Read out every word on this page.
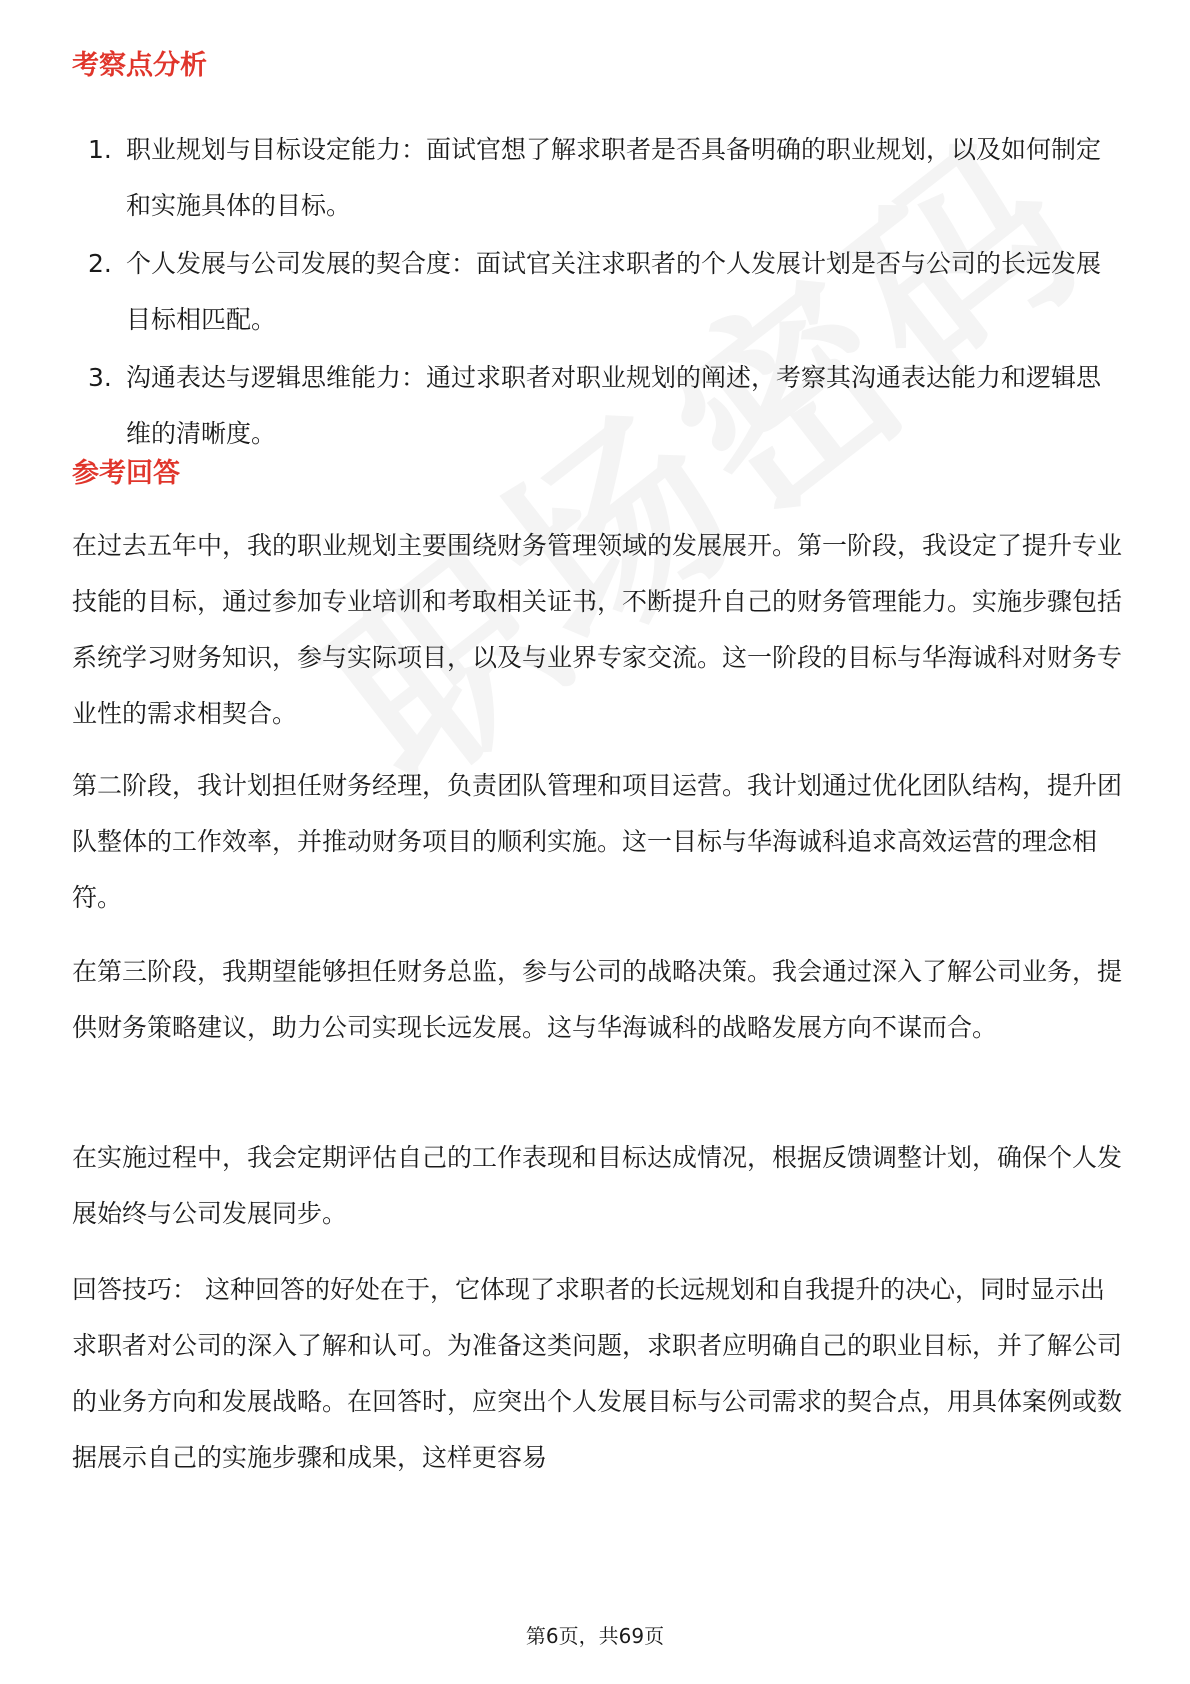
考察点分析
1. 职业规划与目标设定能力：面试官想了解求职者是否具备明确的职业规划，以及如何制定和实施具体的目标。
2. 个人发展与公司发展的契合度：面试官关注求职者的个人发展计划是否与公司的长远发展目标相匹配。
3. 沟通表达与逻辑思维能力：通过求职者对职业规划的阐述，考察其沟通表达能力和逻辑思维的清晰度。
参考回答

在过去五年中，我的职业规划主要围绕财务管理领域的发展展开。第一阶段，我设定了提升专业技能的目标，通过参加专业培训和考取相关证书，不断提升自己的财务管理能力。实施步骤包括系统学习财务知识，参与实际项目，以及与业界专家交流。这一阶段的目标与华海诚科对财务专业性的需求相契合。

第二阶段，我计划担任财务经理，负责团队管理和项目运营。我计划通过优化团队结构，提升团队整体的工作效率，并推动财务项目的顺利实施。这一目标与华海诚科追求高效运营的理念相符。

在第三阶段，我期望能够担任财务总监，参与公司的战略决策。我会通过深入了解公司业务，提供财务策略建议，助力公司实现长远发展。这与华海诚科的战略发展方向不谋而合。

在实施过程中，我会定期评估自己的工作表现和目标达成情况，根据反馈调整计划，确保个人发展始终与公司发展同步。

回答技巧： 这种回答的好处在于，它体现了求职者的长远规划和自我提升的决心，同时显示出求职者对公司的深入了解和认可。为准备这类问题，求职者应明确自己的职业目标，并了解公司的业务方向和发展战略。在回答时，应突出个人发展目标与公司需求的契合点，用具体案例或数据展示自己的实施步骤和成果，这样更容易

第6页，共69页
